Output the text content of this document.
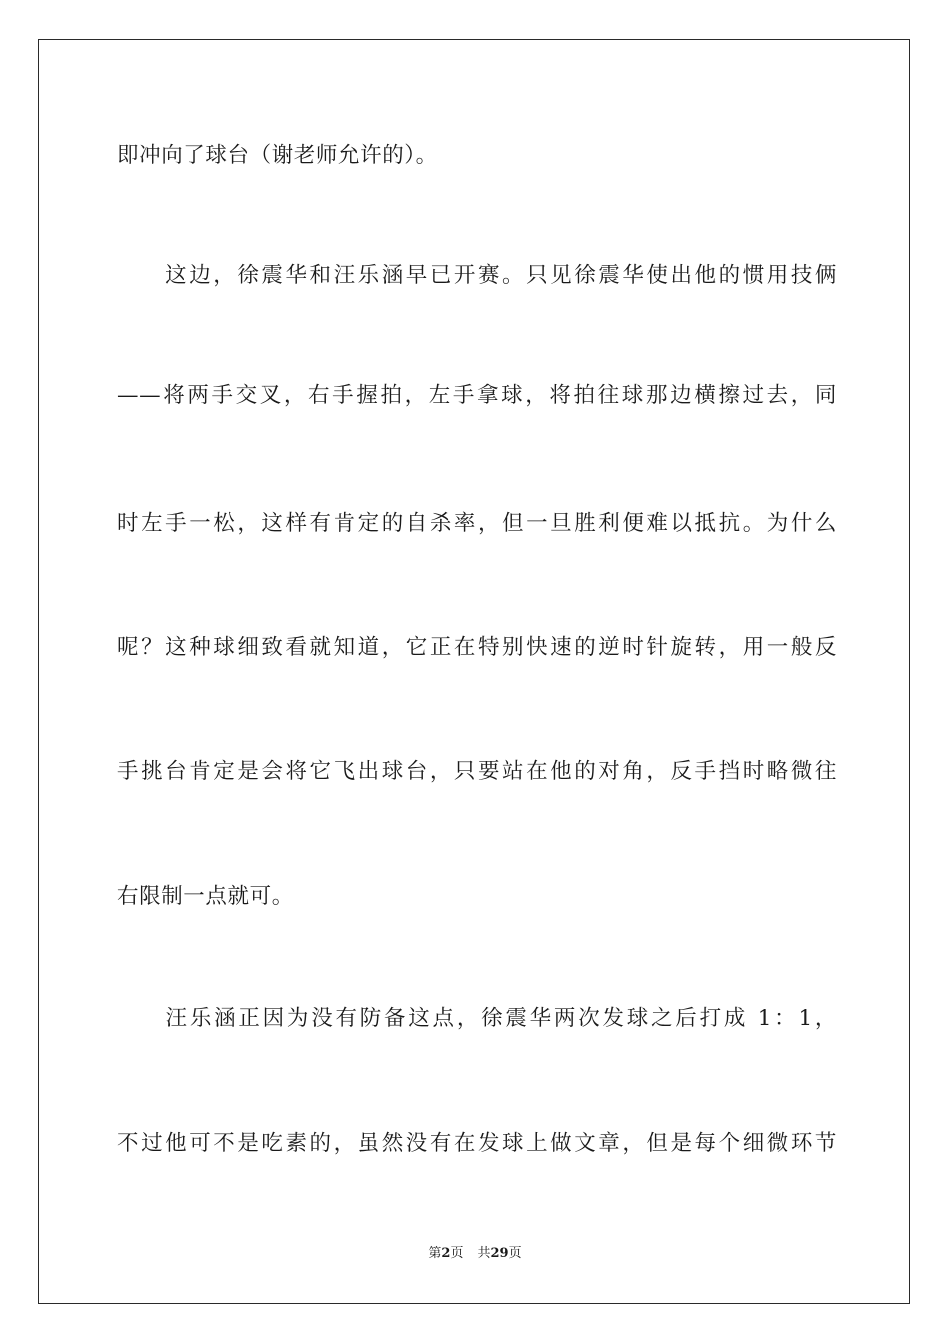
即冲向了球台（谢老师允许的）。
　　这边，徐震华和汪乐涵早已开赛。只见徐震华使出他的惯用技俩
——将两手交叉，右手握拍，左手拿球，将拍往球那边横擦过去，同
时左手一松，这样有肯定的自杀率，但一旦胜利便难以抵抗。为什么
呢？这种球细致看就知道，它正在特别快速的逆时针旋转，用一般反
手挑台肯定是会将它飞出球台，只要站在他的对角，反手挡时略微往
右限制一点就可。
　　汪乐涵正因为没有防备这点，徐震华两次发球之后打成 1：1，
不过他可不是吃素的，虽然没有在发球上做文章，但是每个细微环节
第2页 共29页
